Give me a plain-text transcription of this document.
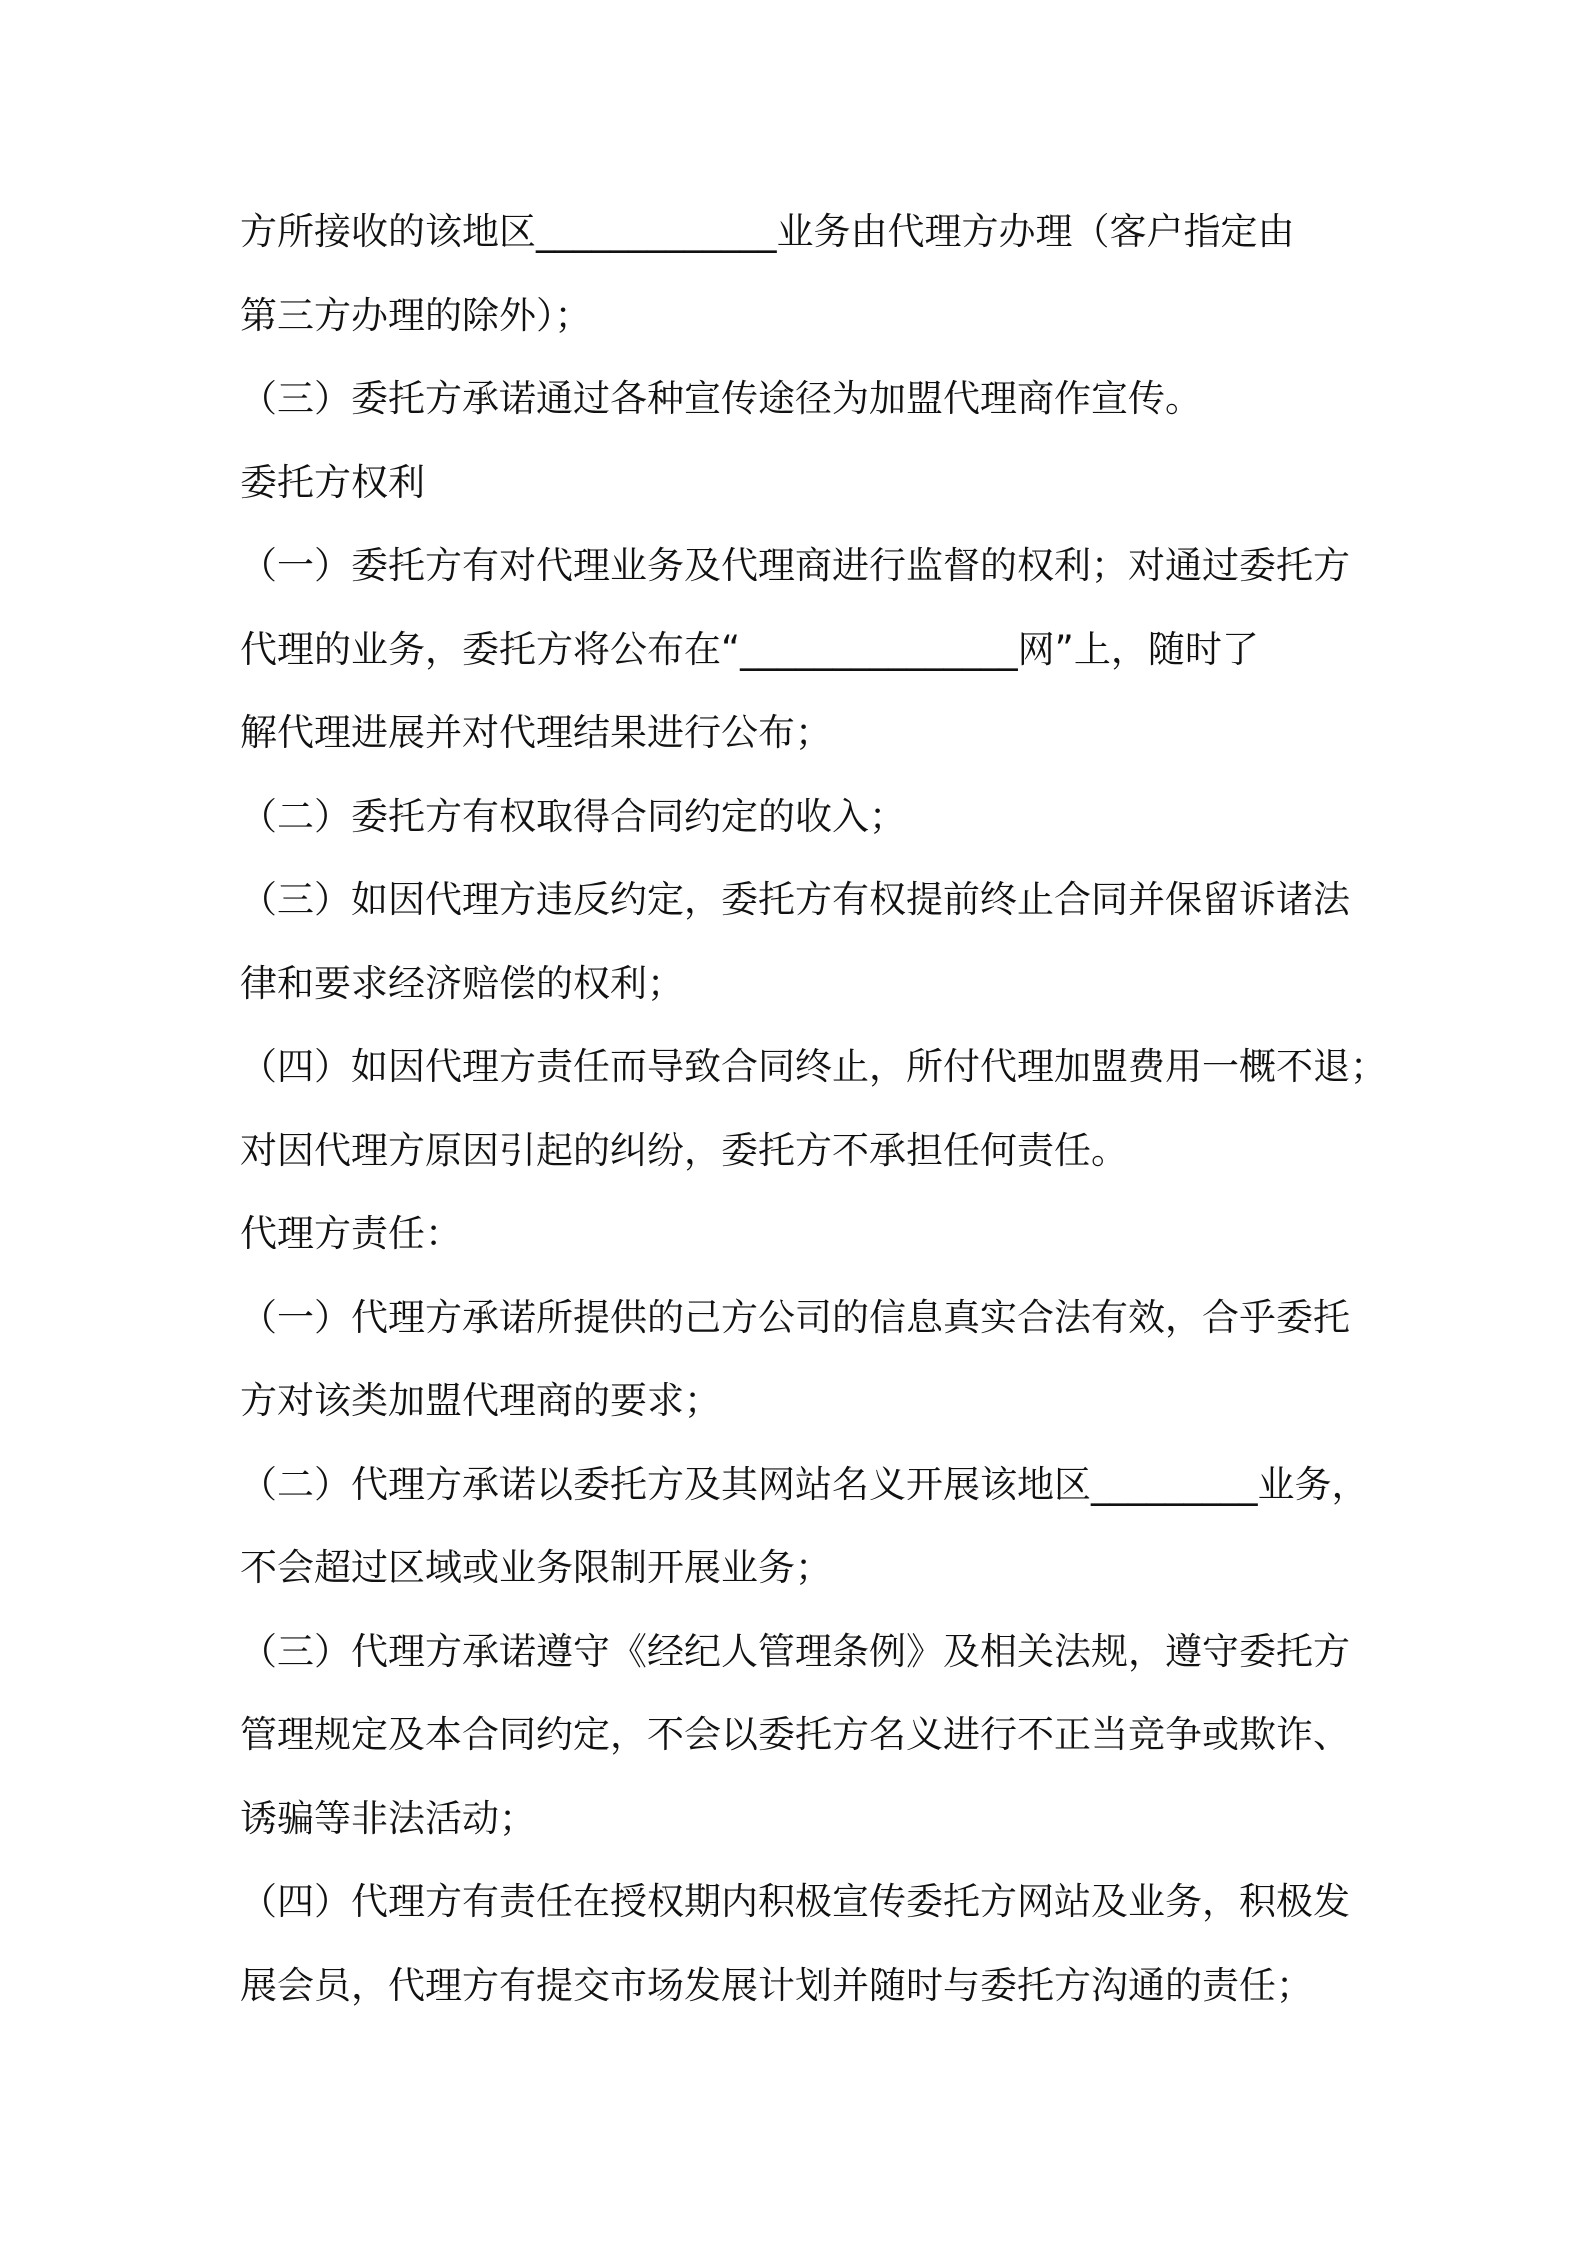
方所接收的该地区_____________业务由代理方办理（客户指定由
第三方办理的除外）；
（三）委托方承诺通过各种宣传途径为加盟代理商作宣传。
委托方权利
（一）委托方有对代理业务及代理商进行监督的权利；对通过委托方
代理的业务，委托方将公布在“_______________网”上，随时了
解代理进展并对代理结果进行公布；
（二）委托方有权取得合同约定的收入；
（三）如因代理方违反约定，委托方有权提前终止合同并保留诉诸法
律和要求经济赔偿的权利；
（四）如因代理方责任而导致合同终止，所付代理加盟费用一概不退；
对因代理方原因引起的纠纷，委托方不承担任何责任。
代理方责任：
（一）代理方承诺所提供的己方公司的信息真实合法有效，合乎委托
方对该类加盟代理商的要求；
（二）代理方承诺以委托方及其网站名义开展该地区_________业务，
不会超过区域或业务限制开展业务；
（三）代理方承诺遵守《经纪人管理条例》及相关法规，遵守委托方
管理规定及本合同约定，不会以委托方名义进行不正当竞争或欺诈、
诱骗等非法活动；
（四）代理方有责任在授权期内积极宣传委托方网站及业务，积极发
展会员，代理方有提交市场发展计划并随时与委托方沟通的责任；
